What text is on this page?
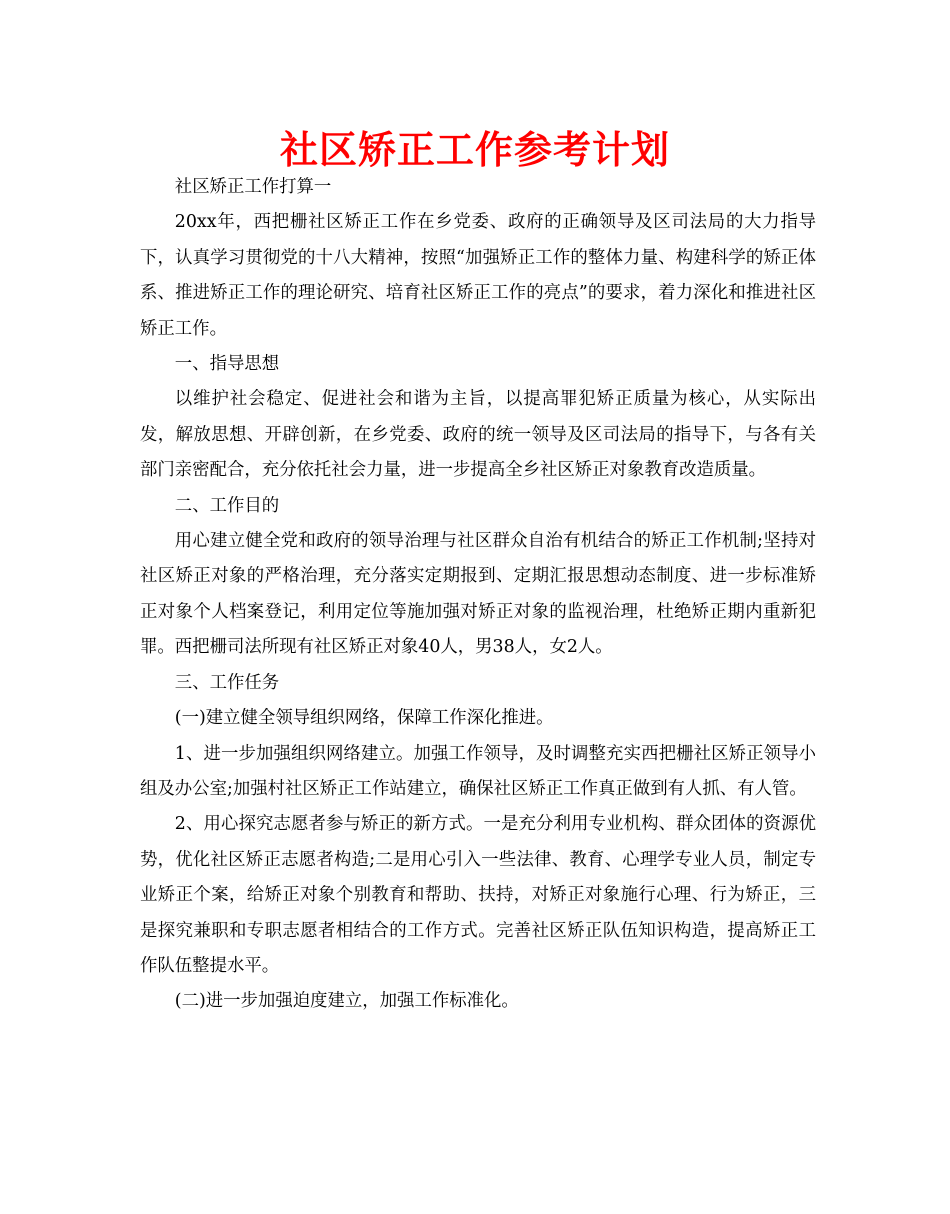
社区矫正工作参考计划

社区矫正工作打算一

20xx年，西把栅社区矫正工作在乡党委、政府的正确领导及区司法局的大力指导下，认真学习贯彻党的十八大精神，按照“加强矫正工作的整体力量、构建科学的矫正体系、推进矫正工作的理论研究、培育社区矫正工作的亮点”的要求，着力深化和推进社区矫正工作。

一、指导思想

以维护社会稳定、促进社会和谐为主旨，以提高罪犯矫正质量为核心，从实际出发，解放思想、开辟创新，在乡党委、政府的统一领导及区司法局的指导下，与各有关部门亲密配合，充分依托社会力量，进一步提高全乡社区矫正对象教育改造质量。

二、工作目的

用心建立健全党和政府的领导治理与社区群众自治有机结合的矫正工作机制;坚持对社区矫正对象的严格治理，充分落实定期报到、定期汇报思想动态制度、进一步标准矫正对象个人档案登记，利用定位等施加强对矫正对象的监视治理，杜绝矫正期内重新犯罪。西把栅司法所现有社区矫正对象40人，男38人，女2人。

三、工作任务

(一)建立健全领导组织网络，保障工作深化推进。

1、进一步加强组织网络建立。加强工作领导，及时调整充实西把栅社区矫正领导小组及办公室;加强村社区矫正工作站建立，确保社区矫正工作真正做到有人抓、有人管。

2、用心探究志愿者参与矫正的新方式。一是充分利用专业机构、群众团体的资源优势，优化社区矫正志愿者构造;二是用心引入一些法律、教育、心理学专业人员，制定专业矫正个案，给矫正对象个别教育和帮助、扶持，对矫正对象施行心理、行为矫正，三是探究兼职和专职志愿者相结合的工作方式。完善社区矫正队伍知识构造，提高矫正工作队伍整提水平。

(二)进一步加强迫度建立，加强工作标准化。
